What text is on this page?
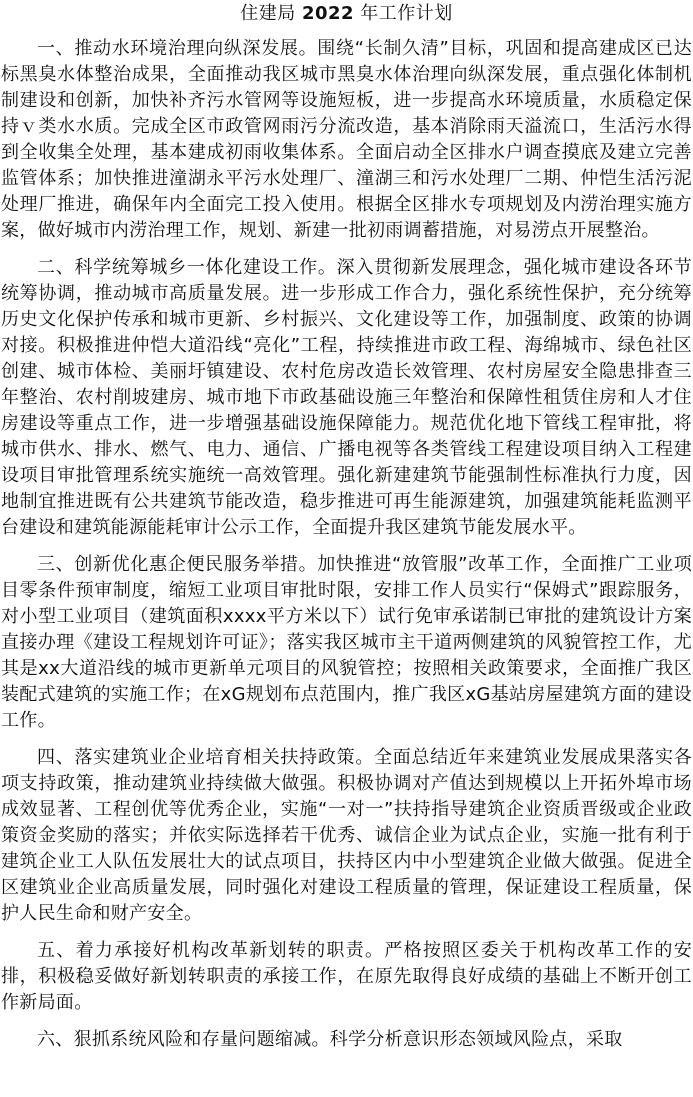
住建局 2022 年工作计划

一、推动水环境治理向纵深发展。围绕“长制久清”目标，巩固和提高建成区已达标黑臭水体整治成果，全面推动我区城市黑臭水体治理向纵深发展，重点强化体制机制建设和创新，加快补齐污水管网等设施短板，进一步提高水环境质量，水质稳定保持ｖ类水水质。完成全区市政管网雨污分流改造，基本消除雨天溢流口，生活污水得到全收集全处理，基本建成初雨收集体系。全面启动全区排水户调查摸底及建立完善监管体系；加快推进潼湖永平污水处理厂、潼湖三和污水处理厂二期、仲恺生活污泥处理厂推进，确保年内全面完工投入使用。根据全区排水专项规划及内涝治理实施方案，做好城市内涝治理工作，规划、新建一批初雨调蓄措施，对易涝点开展整治。

二、科学统筹城乡一体化建设工作。深入贯彻新发展理念，强化城市建设各环节统筹协调，推动城市高质量发展。进一步形成工作合力，强化系统性保护，充分统筹历史文化保护传承和城市更新、乡村振兴、文化建设等工作，加强制度、政策的协调对接。积极推进仲恺大道沿线“亮化”工程，持续推进市政工程、海绵城市、绿色社区创建、城市体检、美丽圩镇建设、农村危房改造长效管理、农村房屋安全隐患排查三年整治、农村削坡建房、城市地下市政基础设施三年整治和保障性租赁住房和人才住房建设等重点工作，进一步增强基础设施保障能力。规范优化地下管线工程审批，将城市供水、排水、燃气、电力、通信、广播电视等各类管线工程建设项目纳入工程建设项目审批管理系统实施统一高效管理。强化新建建筑节能强制性标准执行力度，因地制宜推进既有公共建筑节能改造，稳步推进可再生能源建筑，加强建筑能耗监测平台建设和建筑能源能耗审计公示工作，全面提升我区建筑节能发展水平。

三、创新优化惠企便民服务举措。加快推进“放管服”改革工作，全面推广工业项目零条件预审制度，缩短工业项目审批时限，安排工作人员实行“保姆式”跟踪服务，对小型工业项目（建筑面积xxxx平方米以下）试行免审承诺制已审批的建筑设计方案直接办理《建设工程规划许可证》；落实我区城市主干道两侧建筑的风貌管控工作，尤其是xx大道沿线的城市更新单元项目的风貌管控；按照相关政策要求，全面推广我区装配式建筑的实施工作；在xG规划布点范围内，推广我区xG基站房屋建筑方面的建设工作。

四、落实建筑业企业培育相关扶持政策。全面总结近年来建筑业发展成果落实各项支持政策，推动建筑业持续做大做强。积极协调对产值达到规模以上开拓外埠市场成效显著、工程创优等优秀企业，实施“一对一”扶持指导建筑企业资质晋级或企业政策资金奖励的落实；并依实际选择若干优秀、诚信企业为试点企业，实施一批有利于建筑企业工人队伍发展壮大的试点项目，扶持区内中小型建筑企业做大做强。促进全区建筑业企业高质量发展，同时强化对建设工程质量的管理，保证建设工程质量，保护人民生命和财产安全。

五、着力承接好机构改革新划转的职责。严格按照区委关于机构改革工作的安排，积极稳妥做好新划转职责的承接工作，在原先取得良好成绩的基础上不断开创工作新局面。

六、狠抓系统风险和存量问题缩减。科学分析意识形态领域风险点，采取
